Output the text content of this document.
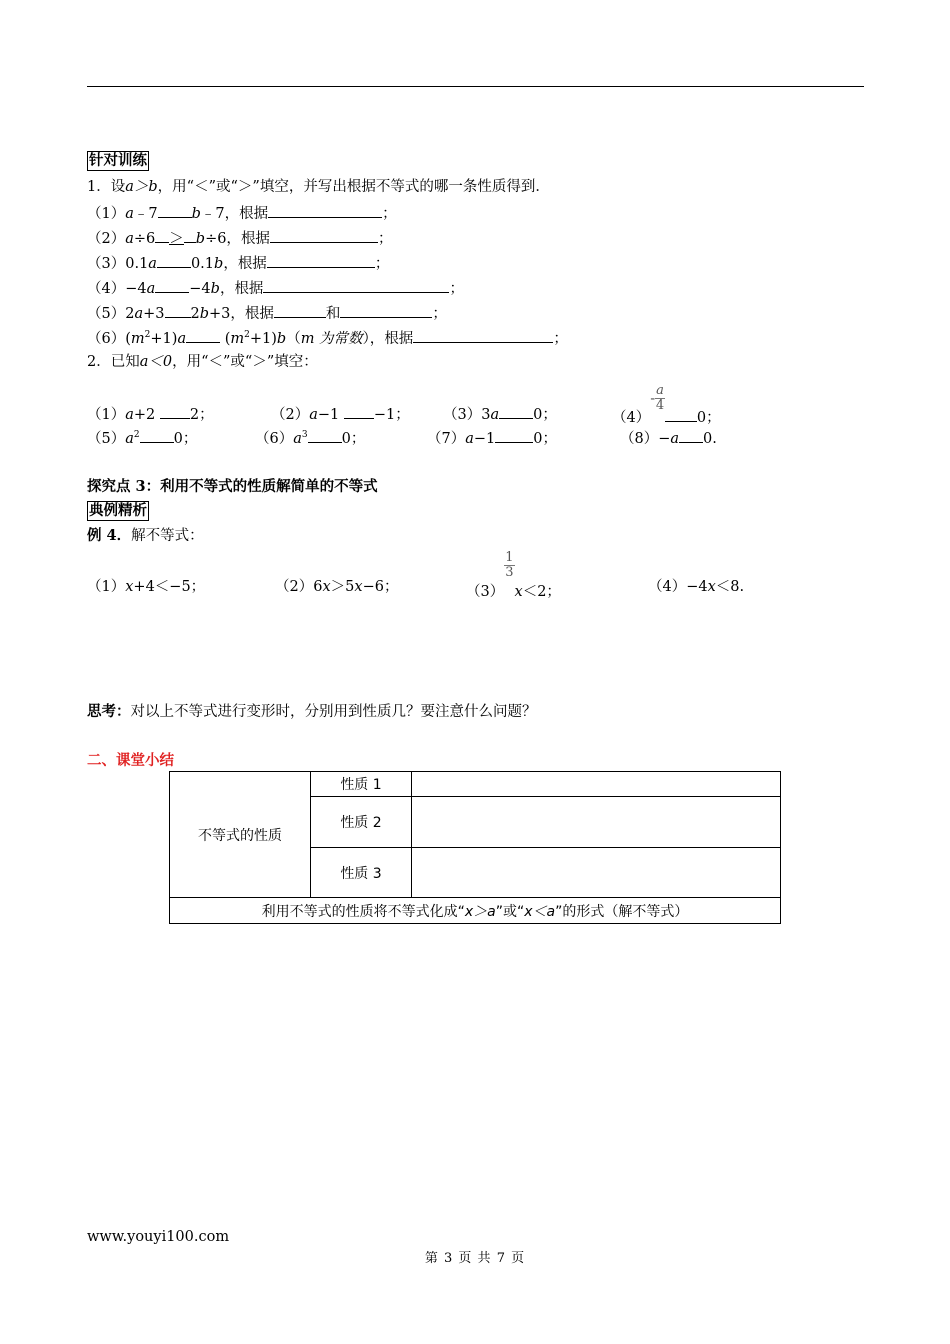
针对训练
1．设a＞b，用“＜”或“＞”填空，并写出根据不等式的哪一条性质得到．
（1）a﹣7 b﹣7，根据	；
（2）a÷6 ＞ b÷6，根据	；
（3）0.1a 0.1b，根据	；
（4）−4a −4b，根据	；
（5）2a+3 2b+3，根据	和	；
$(6)(m^2+1)a$ $(m^2+1)b(m$ 为常数），根据	；
2．已知a＜0，用“＜”或“＞”填空：
（1）a+2 2；	（2）a−1 −1； （3）3a 0；	$(4)- \frac{a}{4}$
0；
$(5)a^2$ 0；	$(6)a^3$ 0；	（7）a−1	0；	（8）−a 0.
探究点 3：利用不等式的性质解简单的不等式
典例精析
例 4．解不等式：
（1）x+4＜−5；	（2）6x＞5x−6；	（3）
$\frac{1}{3}$
x＜2；	（4）−4x＜8.
思考：对以上不等式进行变形时，分别用到性质几？要注意什么问题？
二、课堂小结
不等式的性质	性质 1	
	性质 2	
	性质 3	
利用不等式的性质将不等式化成“x＞a”或“x＜a”的形式（解不等式）		
www.youyi100.com
第 3 页 共 7 页
